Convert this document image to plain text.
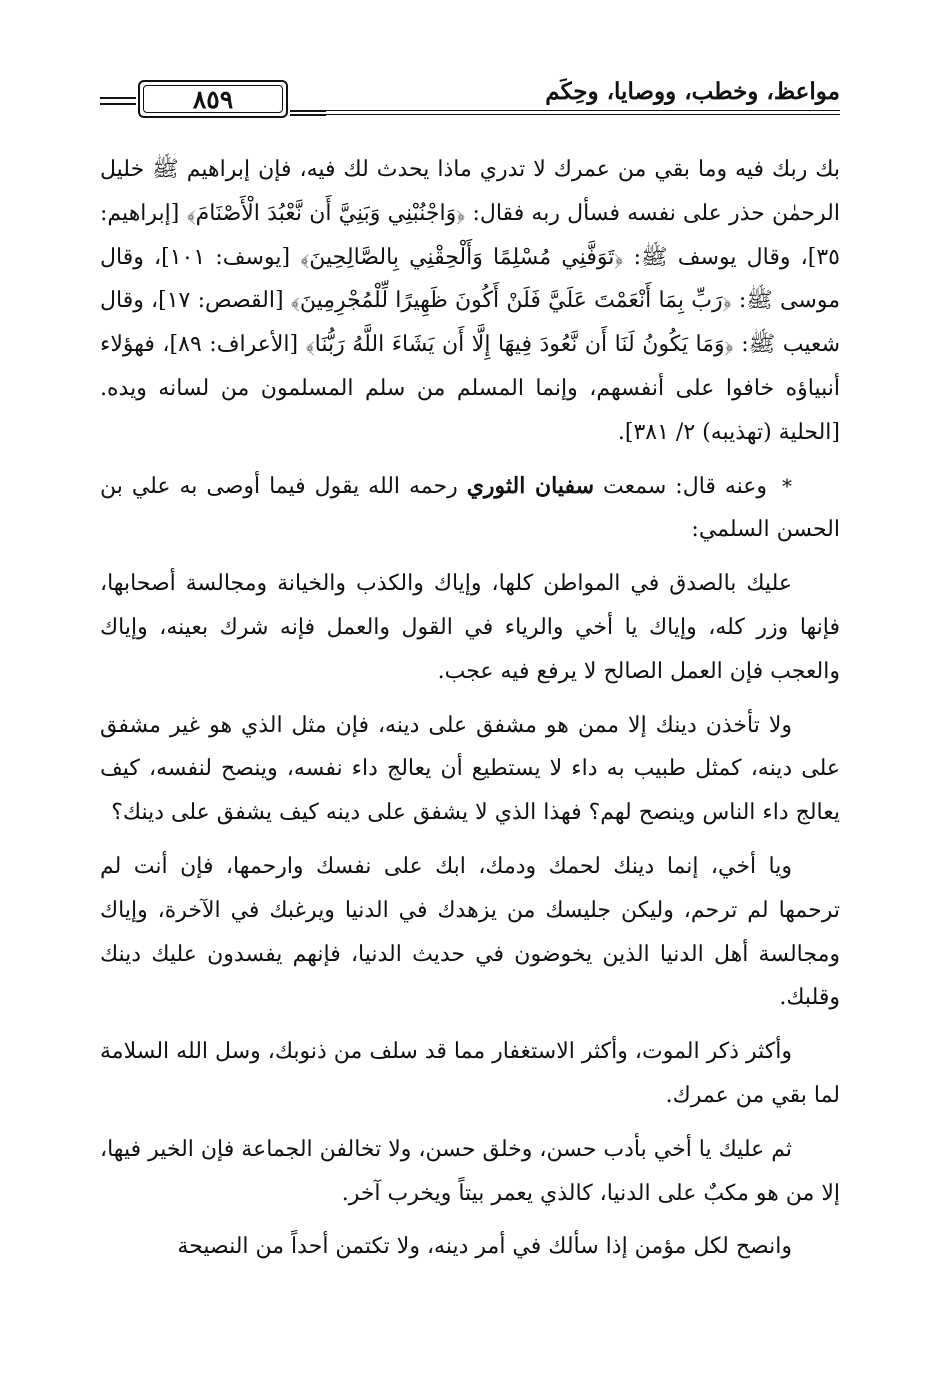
مواعظ، وخطب، ووصايا، وحِكَم
٨٥٩

بك ربك فيه وما بقي من عمرك لا تدري ماذا يحدث لك فيه، فإن إبراهيم ﷺ خليل الرحمٰن حذر على نفسه فسأل ربه فقال: ﴿وَاجْنُبْنِي وَبَنِيَّ أَن نَّعْبُدَ الْأَصْنَامَ﴾ [إبراهيم: ٣٥]، وقال يوسف ﷺ: ﴿تَوَفَّنِي مُسْلِمًا وَأَلْحِقْنِي بِالصَّالِحِينَ﴾ [يوسف: ١٠١]، وقال موسى ﷺ: ﴿رَبِّ بِمَا أَنْعَمْتَ عَلَيَّ فَلَنْ أَكُونَ ظَهِيرًا لِّلْمُجْرِمِينَ﴾ [القصص: ١٧]، وقال شعيب ﷺ: ﴿وَمَا يَكُونُ لَنَا أَن نَّعُودَ فِيهَا إِلَّا أَن يَشَاءَ اللَّهُ رَبُّنَا﴾ [الأعراف: ٨٩]، فهؤلاء أنبياؤه خافوا على أنفسهم، وإنما المسلم من سلم المسلمون من لسانه ويده. [الحلية (تهذيبه) ٢/ ٣٨١].

* وعنه قال: سمعت سفيان الثوري رحمه الله يقول فيما أوصى به علي بن الحسن السلمي:

عليك بالصدق في المواطن كلها، وإياك والكذب والخيانة ومجالسة أصحابها، فإنها وزر كله، وإياك يا أخي والرياء في القول والعمل فإنه شرك بعينه، وإياك والعجب فإن العمل الصالح لا يرفع فيه عجب.

ولا تأخذن دينك إلا ممن هو مشفق على دينه، فإن مثل الذي هو غير مشفق على دينه، كمثل طبيب به داء لا يستطيع أن يعالج داء نفسه، وينصح لنفسه، كيف يعالج داء الناس وينصح لهم؟ فهذا الذي لا يشفق على دينه كيف يشفق على دينك؟

ويا أخي، إنما دينك لحمك ودمك، ابك على نفسك وارحمها، فإن أنت لم ترحمها لم ترحم، وليكن جليسك من يزهدك في الدنيا ويرغبك في الآخرة، وإياك ومجالسة أهل الدنيا الذين يخوضون في حديث الدنيا، فإنهم يفسدون عليك دينك وقلبك.

وأكثر ذكر الموت، وأكثر الاستغفار مما قد سلف من ذنوبك، وسل الله السلامة لما بقي من عمرك.

ثم عليك يا أخي بأدب حسن، وخلق حسن، ولا تخالفن الجماعة فإن الخير فيها، إلا من هو مكبٌ على الدنيا، كالذي يعمر بيتاً ويخرب آخر.

وانصح لكل مؤمن إذا سألك في أمر دينه، ولا تكتمن أحداً من النصيحة
